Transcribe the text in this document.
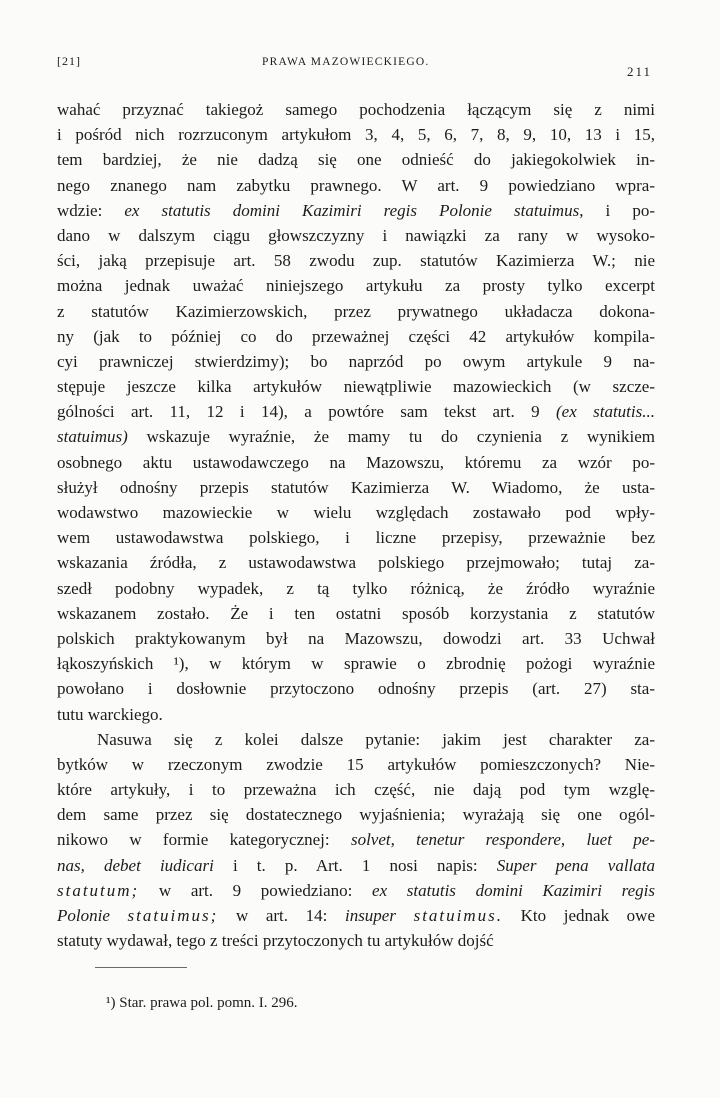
[21]	PRAWA MAZOWIECKIEGO.
211
wahać przyznać takiegoż samego pochodzenia łączącym się z nimi
i pośród nich rozrzuconym artykułom 3, 4, 5, 6, 7, 8, 9, 10, 13 i 15,
tem bardziej, że nie dadzą się one odnieść do jakiegokolwiek in-
nego znanego nam zabytku prawnego. W art. 9 powiedziano wpra-
wdzie: ex statutis domini Kazimiri regis Polonie statuimus, i po-
dano w dalszym ciągu głowszczyzny i nawiązki za rany w wysoko-
ści, jaką przepisuje art. 58 zwodu zup. statutów Kazimierza W.; nie
można jednak uważać niniejszego artykułu za prosty tylko excerpt
z statutów Kazimierzowskich, przez prywatnego układacza dokona-
ny (jak to później co do przeważnej części 42 artykułów kompila-
cyi prawniczej stwierdzimy); bo naprzód po owym artykule 9 na-
stępuje jeszcze kilka artykułów niewątpliwie mazowieckich (w szcze-
gólności art. 11, 12 i 14), a powtóre sam tekst art. 9 (ex statutis...
statuimus) wskazuje wyraźnie, że mamy tu do czynienia z wynikiem
osobnego aktu ustawodawczego na Mazowszu, któremu za wzór po-
służył odnośny przepis statutów Kazimierza W. Wiadomo, że usta-
wodawstwo mazowieckie w wielu względach zostawało pod wpły-
wem ustawodawstwa polskiego, i liczne przepisy, przeważnie bez
wskazania źródła, z ustawodawstwa polskiego przejmowało; tutaj za-
szedł podobny wypadek, z tą tylko różnicą, że źródło wyraźnie
wskazanem zostało. Że i ten ostatni sposób korzystania z statutów
polskich praktykowanym był na Mazowszu, dowodzi art. 33 Uchwał
łąkoszyńskich ¹), w którym w sprawie o zbrodnię pożogi wyraźnie
powołano i dosłownie przytoczono odnośny przepis (art. 27) sta-
tutu warckiego.
Nasuwa się z kolei dalsze pytanie: jakim jest charakter za-
bytków w rzeczonym zwodzie 15 artykułów pomieszczonych? Nie-
które artykuły, i to przeważna ich część, nie dają pod tym wzglę-
dem same przez się dostatecznego wyjaśnienia; wyrażają się one ogól-
nikowo w formie kategorycznej: solvet, tenetur respondere, luet pe-
nas, debet iudicari i t. p. Art. 1 nosi napis: Super pena vallata
statutum; w art. 9 powiedziano: ex statutis domini Kazimiri regis
Polonie statuimus; w art. 14: insuper statuimus. Kto jednak owe
statuty wydawał, tego z treści przytoczonych tu artykułów dojść
¹) Star. prawa pol. pomn. I. 296.
